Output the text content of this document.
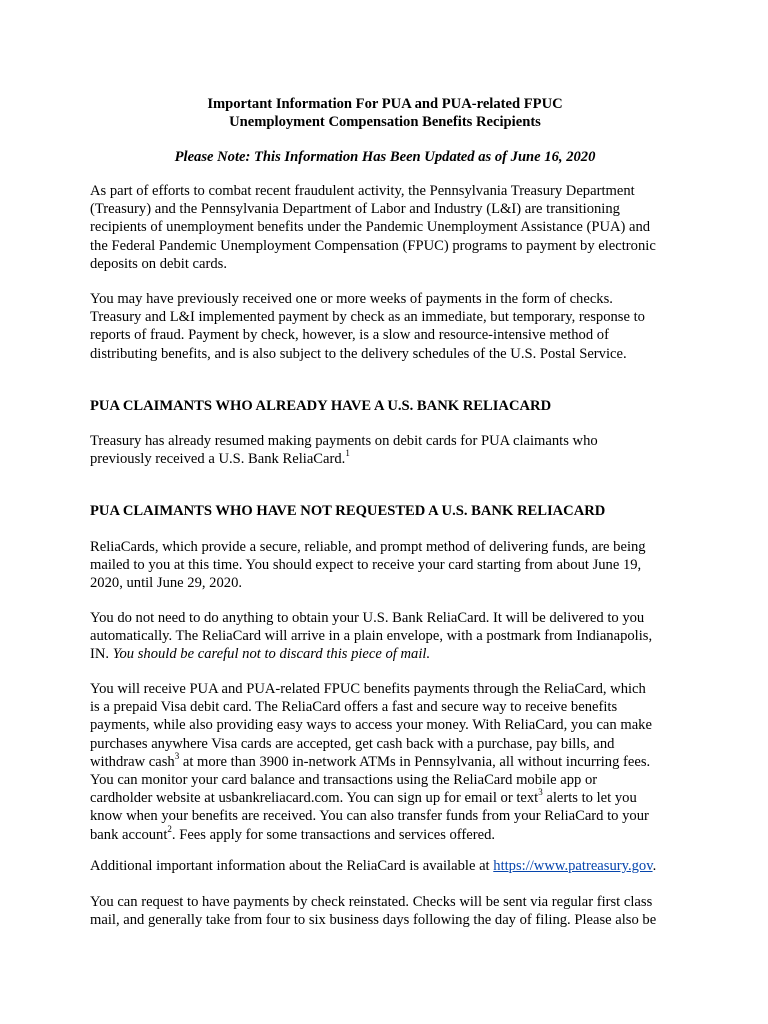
Important Information For PUA and PUA-related FPUC
Unemployment Compensation Benefits Recipients
Please Note: This Information Has Been Updated as of June 16, 2020

As part of efforts to combat recent fraudulent activity, the Pennsylvania Treasury Department
(Treasury) and the Pennsylvania Department of Labor and Industry (L&I) are transitioning
recipients of unemployment benefits under the Pandemic Unemployment Assistance (PUA) and
the Federal Pandemic Unemployment Compensation (FPUC) programs to payment by electronic
deposits on debit cards.

You may have previously received one or more weeks of payments in the form of checks.
Treasury and L&I implemented payment by check as an immediate, but temporary, response to
reports of fraud. Payment by check, however, is a slow and resource-intensive method of
distributing benefits, and is also subject to the delivery schedules of the U.S. Postal Service.

PUA CLAIMANTS WHO ALREADY HAVE A U.S. BANK RELIACARD

Treasury has already resumed making payments on debit cards for PUA claimants who
previously received a U.S. Bank ReliaCard.$^1$

PUA CLAIMANTS WHO HAVE NOT REQUESTED A U.S. BANK RELIACARD

ReliaCards, which provide a secure, reliable, and prompt method of delivering funds, are being
mailed to you at this time. You should expect to receive your card starting from about June 19,
2020, until June 29, 2020.

You do not need to do anything to obtain your U.S. Bank ReliaCard. It will be delivered to you
automatically. The ReliaCard will arrive in a plain envelope, with a postmark from Indianapolis,
IN. You should be careful not to discard this piece of mail.

You will receive PUA and PUA-related FPUC benefits payments through the ReliaCard, which
is a prepaid Visa debit card. The ReliaCard offers a fast and secure way to receive benefits
payments, while also providing easy ways to access your money. With ReliaCard, you can make
purchases anywhere Visa cards are accepted, get cash back with a purchase, pay bills, and
withdraw cash$^3$ at more than 3900 in-network ATMs in Pennsylvania, all without incurring fees.
You can monitor your card balance and transactions using the ReliaCard mobile app or
cardholder website at usbankreliacard.com. You can sign up for email or text$^3$ alerts to let you
know when your benefits are received. You can also transfer funds from your ReliaCard to your
bank account$^2$. Fees apply for some transactions and services offered.

Additional important information about the ReliaCard is available at https://www.patreasury.gov.

You can request to have payments by check reinstated. Checks will be sent via regular first class
mail, and generally take from four to six business days following the day of filing. Please also be
